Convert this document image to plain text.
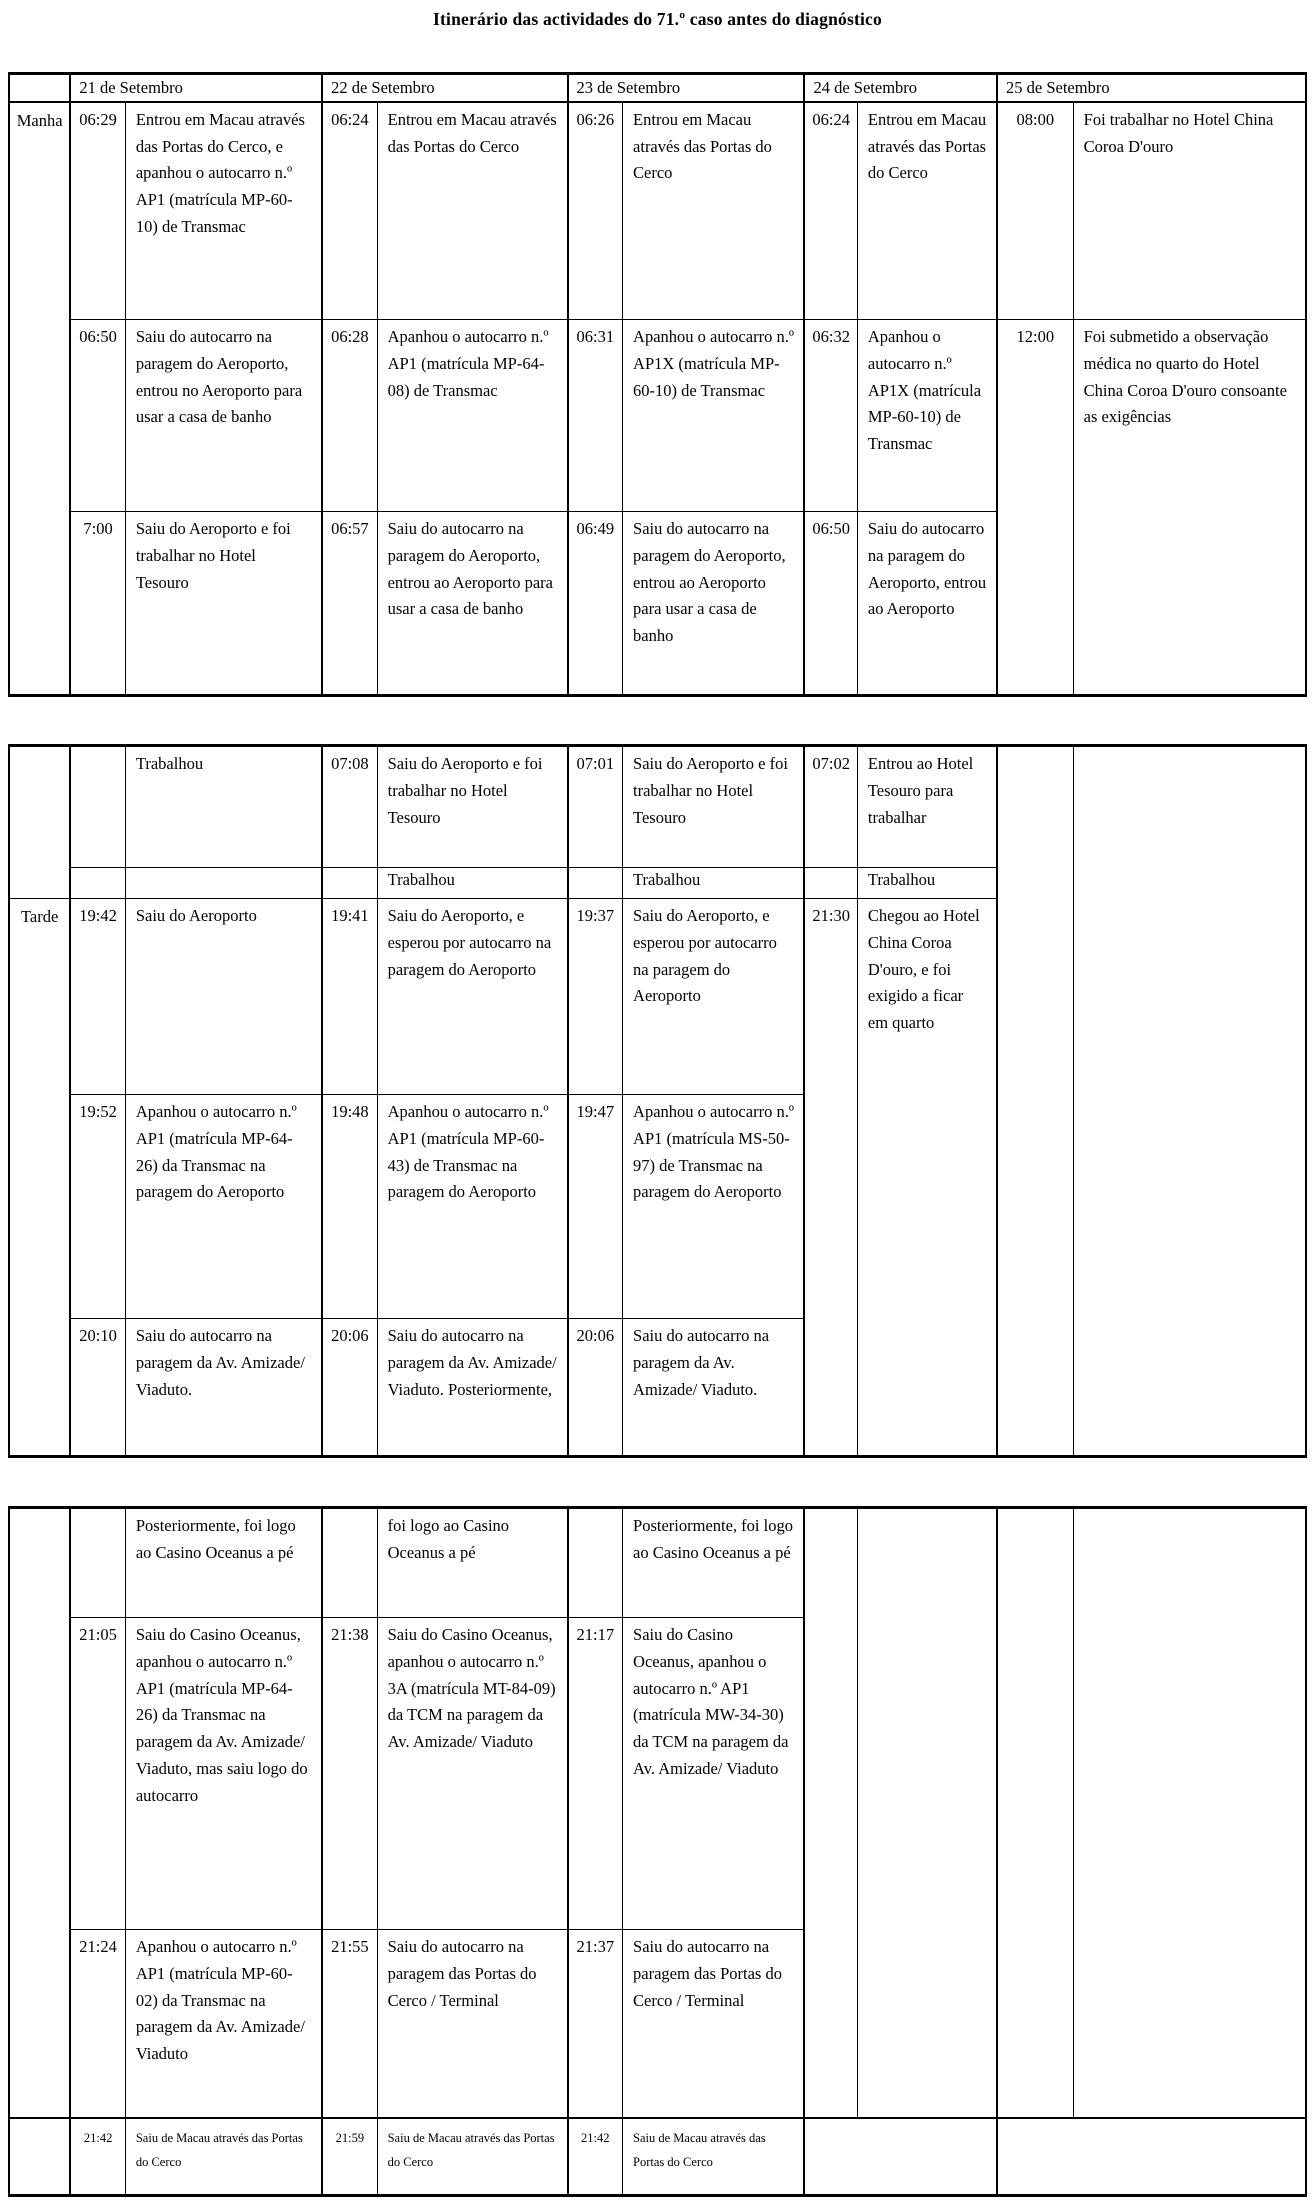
Itinerário das actividades do 71.º caso antes do diagnóstico
	21 de Setembro		22 de Setembro		23 de Setembro		24 de Setembro		25 de Setembro	
Manha	06:29	Entrou em Macau através das Portas do Cerco, e apanhou o autocarro n.º AP1 (matrícula MP-60-10) de Transmac	06:24	Entrou em Macau através das Portas do Cerco	06:26	Entrou em Macau através das Portas do Cerco	06:24	Entrou em Macau através das Portas do Cerco	08:00	Foi trabalhar no Hotel China Coroa D'ouro
	06:50	Saiu do autocarro na paragem do Aeroporto, entrou no Aeroporto para usar a casa de banho	06:28	Apanhou o autocarro n.º AP1 (matrícula MP-64-08) de Transmac	06:31	Apanhou o autocarro n.º AP1X (matrícula MP-60-10) de Transmac	06:32	Apanhou o autocarro n.º AP1X (matrícula MP-60-10) de Transmac	12:00	Foi submetido a observação médica no quarto do Hotel China Coroa D'ouro consoante as exigências
	7:00	Saiu do Aeroporto e foi trabalhar no Hotel Tesouro	06:57	Saiu do autocarro na paragem do Aeroporto, entrou ao Aeroporto para usar a casa de banho	06:49	Saiu do autocarro na paragem do Aeroporto, entrou ao Aeroporto para usar a casa de banho	06:50	Saiu do autocarro na paragem do Aeroporto, entrou ao Aeroporto		
		Trabalhou	07:08	Saiu do Aeroporto e foi trabalhar no Hotel Tesouro	07:01	Saiu do Aeroporto e foi trabalhar no Hotel Tesouro	07:02	Entrou ao Hotel Tesouro para trabalhar		
				Trabalhou		Trabalhou		Trabalhou		
Tarde	19:42	Saiu do Aeroporto	19:41	Saiu do Aeroporto, e esperou por autocarro na paragem do Aeroporto	19:37	Saiu do Aeroporto, e esperou por autocarro na paragem do Aeroporto	21:30	Chegou ao Hotel China Coroa D'ouro, e foi exigido a ficar em quarto		
	19:52	Apanhou o autocarro n.º AP1 (matrícula MP-64-26) da Transmac na paragem do Aeroporto	19:48	Apanhou o autocarro n.º AP1 (matrícula MP-60-43) de Transmac na paragem do Aeroporto	19:47	Apanhou o autocarro n.º AP1 (matrícula MS-50-97) de Transmac na paragem do Aeroporto				
	20:10	Saiu do autocarro na paragem da Av. Amizade/ Viaduto.	20:06	Saiu do autocarro na paragem da Av. Amizade/ Viaduto. Posteriormente,	20:06	Saiu do autocarro na paragem da Av. Amizade/ Viaduto.				
		Posteriormente, foi logo ao Casino Oceanus a pé		foi logo ao Casino Oceanus a pé		Posteriormente, foi logo ao Casino Oceanus a pé				
	21:05	Saiu do Casino Oceanus, apanhou o autocarro n.º AP1 (matrícula MP-64-26) da Transmac na paragem da Av. Amizade/ Viaduto, mas saiu logo do autocarro	21:38	Saiu do Casino Oceanus, apanhou o autocarro n.º 3A (matrícula MT-84-09) da TCM na paragem da Av. Amizade/ Viaduto	21:17	Saiu do Casino Oceanus, apanhou o autocarro n.º AP1 (matrícula MW-34-30) da TCM na paragem da Av. Amizade/ Viaduto				
	21:24	Apanhou o autocarro n.º AP1 (matrícula MP-60-02) da Transmac na paragem da Av. Amizade/ Viaduto	21:55	Saiu do autocarro na paragem das Portas do Cerco / Terminal	21:37	Saiu do autocarro na paragem das Portas do Cerco / Terminal				
	21:42	Saiu de Macau através das Portas do Cerco	21:59	Saiu de Macau através das Portas do Cerco	21:42	Saiu de Macau através das Portas do Cerco				
